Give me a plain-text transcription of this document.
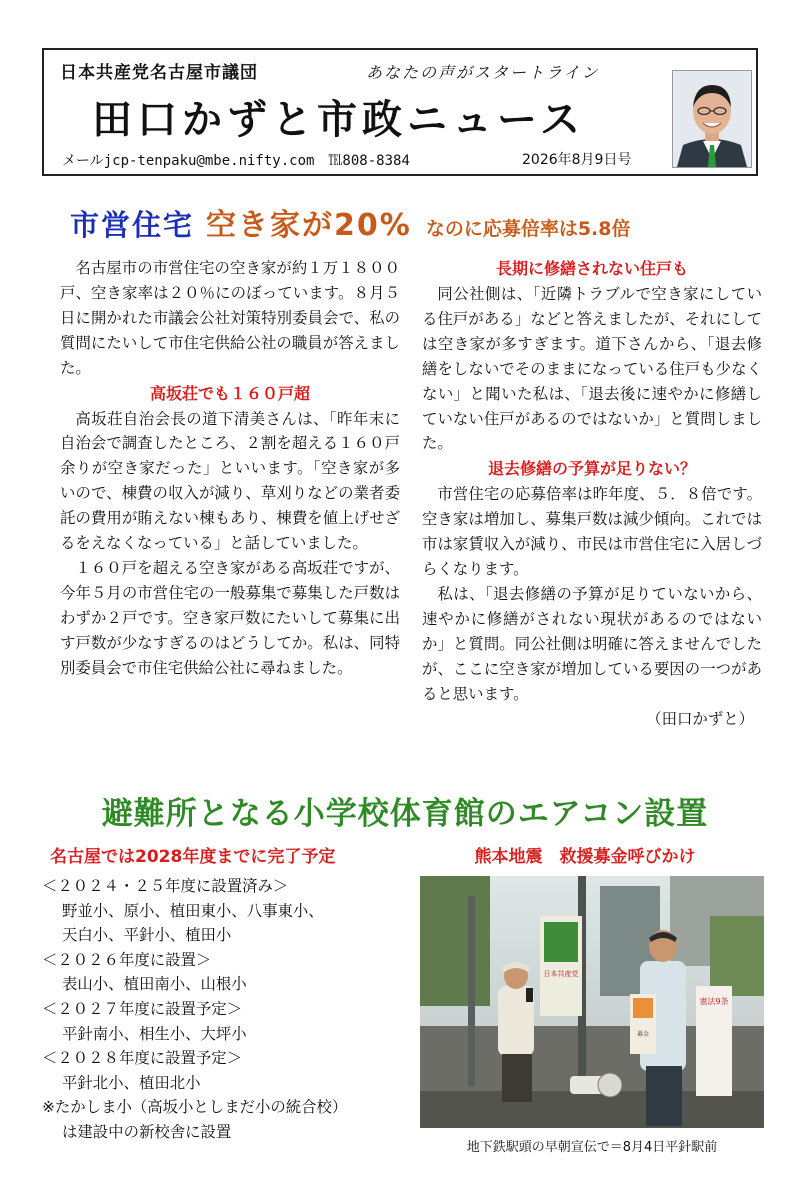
日本共産党名古屋市議団	あなたの声がスタートライン
田口かずと市政ニュース
メールjcp-tenpaku@mbe.nifty.com　℡808-8384	2026年8月9日号
市営住宅 空き家が20% なのに応募倍率は5.8倍

名古屋市の市営住宅の空き家が約１万１８００戸、空き家率は２０％にのぼっています。８月５日に開かれた市議会公社対策特別委員会で、私の質問にたいして市住宅供給公社の職員が答えました。

高坂荘でも１６０戸超

高坂荘自治会長の道下清美さんは、「昨年末に自治会で調査したところ、２割を超える１６０戸余りが空き家だった」といいます。「空き家が多いので、棟費の収入が減り、草刈りなどの業者委託の費用が賄えない棟もあり、棟費を値上げせざるをえなくなっている」と話していました。

１６０戸を超える空き家がある高坂荘ですが、今年５月の市営住宅の一般募集で募集した戸数はわずか２戸です。空き家戸数にたいして募集に出す戸数が少なすぎるのはどうしてか。私は、同特別委員会で市住宅供給公社に尋ねました。

長期に修繕されない住戸も

同公社側は、「近隣トラブルで空き家にしている住戸がある」などと答えましたが、それにしては空き家が多すぎます。道下さんから、「退去修繕をしないでそのままになっている住戸も少なくない」と聞いた私は、「退去後に速やかに修繕していない住戸があるのではないか」と質問しました。

退去修繕の予算が足りない？

市営住宅の応募倍率は昨年度、５．８倍です。空き家は増加し、募集戸数は減少傾向。これでは市は家賃収入が減り、市民は市営住宅に入居しづらくなります。

私は、「退去修繕の予算が足りていないから、速やかに修繕がされない現状があるのではないか」と質問。同公社側は明確に答えませんでしたが、ここに空き家が増加している要因の一つがあると思います。

（田口かずと）
避難所となる小学校体育館のエアコン設置
名古屋では2028年度までに完了予定	熊本地震　救援募金呼びかけ
＜２０２４・２５年度に設置済み＞
野並小、原小、植田東小、八事東小、
天白小、平針小、植田小
＜２０２６年度に設置＞
表山小、植田南小、山根小
＜２０２７年度に設置予定＞
平針南小、相生小、大坪小
＜２０２８年度に設置予定＞
平針北小、植田北小
※たかしま小（高坂小としまだ小の統合校）
は建設中の新校舎に設置
日本共産党
募金
憲法9条
地下鉄駅頭の早朝宣伝で＝8月4日平針駅前
